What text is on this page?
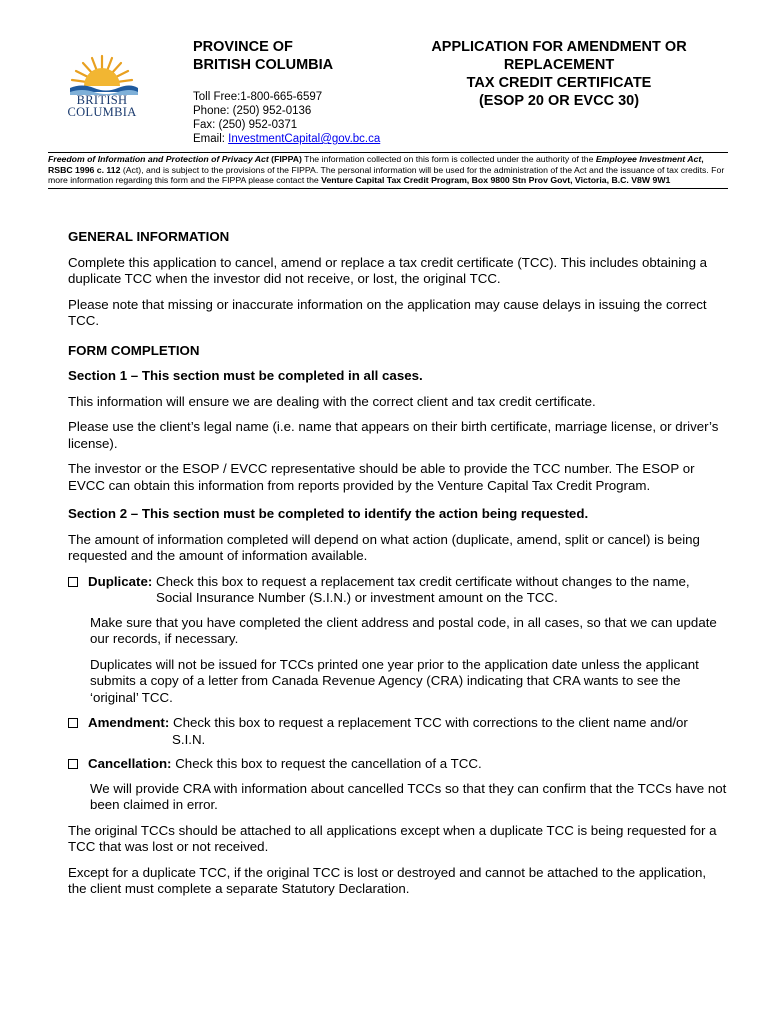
BRITISH
COLUMBIA
PROVINCE OF
BRITISH COLUMBIA
Toll Free:1-800-665-6597
Phone: (250) 952-0136
Fax: (250) 952-0371
Email: InvestmentCapital@gov.bc.ca
APPLICATION FOR AMENDMENT OR
REPLACEMENT
TAX CREDIT CERTIFICATE
(ESOP 20 OR EVCC 30)
Freedom of Information and Protection of Privacy Act (FIPPA) The information collected on this form is collected under the authority of the Employee Investment Act, RSBC 1996 c. 112 (Act), and is subject to the provisions of the FIPPA. The personal information will be used for the administration of the Act and the issuance of tax credits. For more information regarding this form and the FIPPA please contact the Venture Capital Tax Credit Program, Box 9800 Stn Prov Govt, Victoria, B.C. V8W 9W1
GENERAL INFORMATION

Complete this application to cancel, amend or replace a tax credit certificate (TCC). This includes obtaining a duplicate TCC when the investor did not receive, or lost, the original TCC.

Please note that missing or inaccurate information on the application may cause delays in issuing the correct TCC.

FORM COMPLETION

Section 1 – This section must be completed in all cases.

This information will ensure we are dealing with the correct client and tax credit certificate.

Please use the client’s legal name (i.e. name that appears on their birth certificate, marriage license, or driver’s license).

The investor or the ESOP / EVCC representative should be able to provide the TCC number. The ESOP or EVCC can obtain this information from reports provided by the Venture Capital Tax Credit Program.

Section 2 – This section must be completed to identify the action being requested.

The amount of information completed will depend on what action (duplicate, amend, split or cancel) is being requested and the amount of information available.

Duplicate: Check this box to request a replacement tax credit certificate without changes to the name,
Social Insurance Number (S.I.N.) or investment amount on the TCC.

Make sure that you have completed the client address and postal code, in all cases, so that we can update our records, if necessary.

Duplicates will not be issued for TCCs printed one year prior to the application date unless the applicant submits a copy of a letter from Canada Revenue Agency (CRA) indicating that CRA wants to see the ‘original’ TCC.

Amendment: Check this box to request a replacement TCC with corrections to the client name and/or
S.I.N.
Cancellation: Check this box to request the cancellation of a TCC.

We will provide CRA with information about cancelled TCCs so that they can confirm that the TCCs have not been claimed in error.

The original TCCs should be attached to all applications except when a duplicate TCC is being requested for a TCC that was lost or not received.

Except for a duplicate TCC, if the original TCC is lost or destroyed and cannot be attached to the application, the client must complete a separate Statutory Declaration.
